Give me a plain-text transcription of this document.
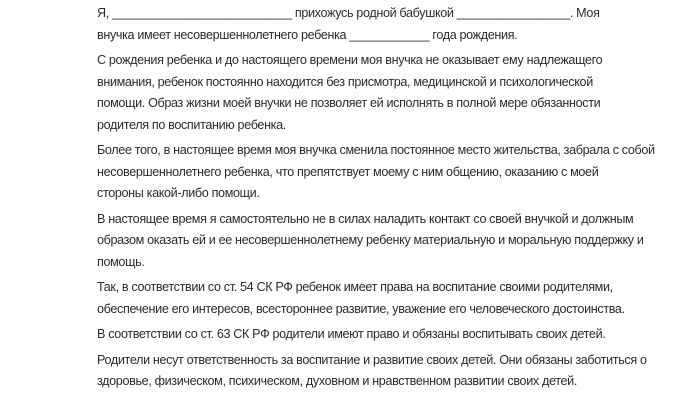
Я, ___________________________ прихожусь родной бабушкой _________________. Моя
внучка имеет несовершеннолетнего ребенка ____________ года рождения.

С рождения ребенка и до настоящего времени моя внучка не оказывает ему надлежащего
внимания, ребенок постоянно находится без присмотра, медицинской и психологической
помощи. Образ жизни моей внучки не позволяет ей исполнять в полной мере обязанности
родителя по воспитанию ребенка.

Более того, в настоящее время моя внучка сменила постоянное место жительства, забрала с собой
несовершеннолетнего ребенка, что препятствует моему с ним общению, оказанию с моей
стороны какой-либо помощи.

В настоящее время я самостоятельно не в силах наладить контакт со своей внучкой и должным
образом оказать ей и ее несовершеннолетнему ребенку материальную и моральную поддержку и
помощь.

Так, в соответствии со ст. 54 СК РФ ребенок имеет права на воспитание своими родителями,
обеспечение его интересов, всестороннее развитие, уважение его человеческого достоинства.

В соответствии со ст. 63 СК РФ родители имеют право и обязаны воспитывать своих детей.

Родители несут ответственность за воспитание и развитие своих детей. Они обязаны заботиться о
здоровье, физическом, психическом, духовном и нравственном развитии своих детей.
